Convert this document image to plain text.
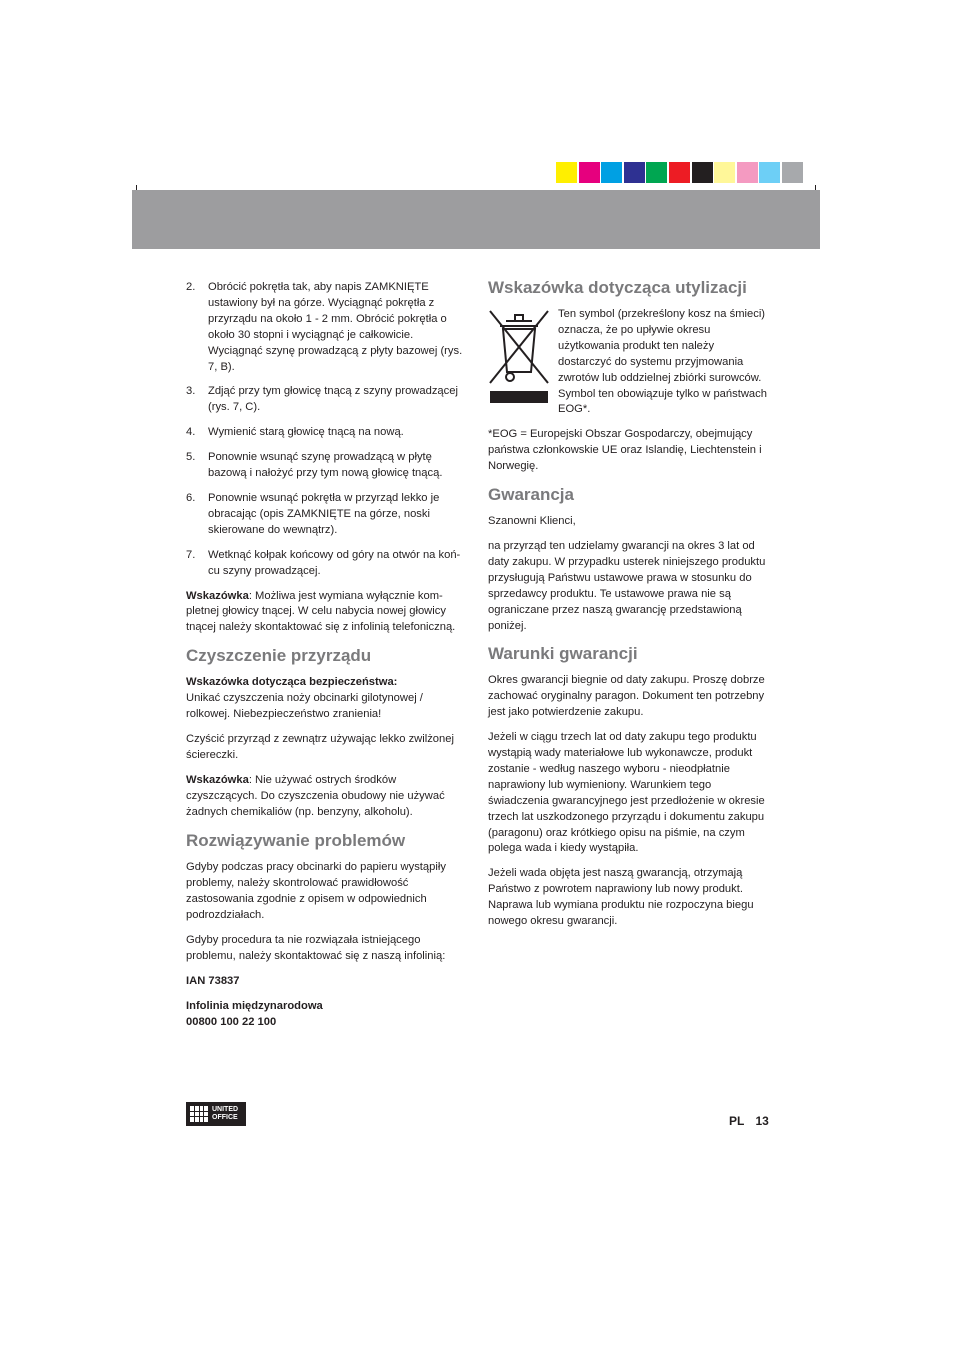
2.	Obrócić pokrętła tak, aby napis ZAMKNIĘTE ustawiony był na górze. Wyciągnąć pokrętła z przyrządu na około 1 - 2 mm. Obrócić pokrętła o około 30 stopni i wyciągnąć je całkowicie. Wyciągnąć szynę prowadzącą z płyty bazowej (rys. 7, B).
3.	Zdjąć przy tym głowicę tnącą z szyny prowadzącej (rys. 7, C).
4.	Wymienić starą głowicę tnącą na nową.
5.	Ponownie wsunąć szynę prowadzącą w płytę bazową i nałożyć przy tym nową głowicę tnącą.
6.	Ponownie wsunąć pokrętła w przyrząd lekko je obracając (opis ZAMKNIĘTE na górze, noski skierowane do wewnątrz).
7.	Wetknąć kołpak końcowy od góry na otwór na koń-cu szyny prowadzącej.

Wskazówka: Możliwa jest wymiana wyłącznie kom-pletnej głowicy tnącej. W celu nabycia nowej głowicy tnącej należy skontaktować się z infolinią telefoniczną.

Czyszczenie przyrządu

Wskazówka dotycząca bezpieczeństwa:
Unikać czyszczenia noży obcinarki gilotynowej / rolkowej. Niebezpieczeństwo zranienia!

Czyścić przyrząd z zewnątrz używając lekko zwilżonej ściereczki.

Wskazówka: Nie używać ostrych środków czyszczących. Do czyszczenia obudowy nie używać żadnych chemikaliów (np. benzyny, alkoholu).

Rozwiązywanie problemów

Gdyby podczas pracy obcinarki do papieru wystąpiły problemy, należy skontrolować prawidłowość zastosowania zgodnie z opisem w odpowiednich podrozdziałach.

Gdyby procedura ta nie rozwiązała istniejącego problemu, należy skontaktować się z naszą infolinią:

IAN 73837

Infolinia międzynarodowa

00800 100 22 100

Wskazówka dotycząca utylizacji
Ten symbol (przekreślony kosz na śmieci) oznacza, że po upływie okresu użytkowania produkt ten należy dostarczyć do systemu przyjmowania zwrotów lub oddzielnej zbiórki surowców. Symbol ten obowiązuje tylko w państwach EOG*.

*EOG = Europejski Obszar Gospodarczy, obejmujący państwa członkowskie UE oraz Islandię, Liechtenstein i Norwegię.

Gwarancja

Szanowni Klienci,

na przyrząd ten udzielamy gwarancji na okres 3 lat od daty zakupu. W przypadku usterek niniejszego produktu przysługują Państwu ustawowe prawa w stosunku do sprzedawcy produktu. Te ustawowe prawa nie są ograniczane przez naszą gwarancję przedstawioną poniżej.

Warunki gwarancji

Okres gwarancji biegnie od daty zakupu. Proszę dobrze zachować oryginalny paragon. Dokument ten potrzebny jest jako potwierdzenie zakupu.

Jeżeli w ciągu trzech lat od daty zakupu tego produktu wystąpią wady materiałowe lub wykonawcze, produkt zostanie - według naszego wyboru - nieodpłatnie naprawiony lub wymieniony. Warunkiem tego świadczenia gwarancyjnego jest przedłożenie w okresie trzech lat uszkodzonego przyrządu i dokumentu zakupu (paragonu) oraz krótkiego opisu na piśmie, na czym polega wada i kiedy wystąpiła.

Jeżeli wada objęta jest naszą gwarancją, otrzymają Państwo z powrotem naprawiony lub nowy produkt. Naprawa lub wymiana produktu nie rozpoczyna biegu nowego okresu gwarancji.

UNITED
OFFICE	PL 13
